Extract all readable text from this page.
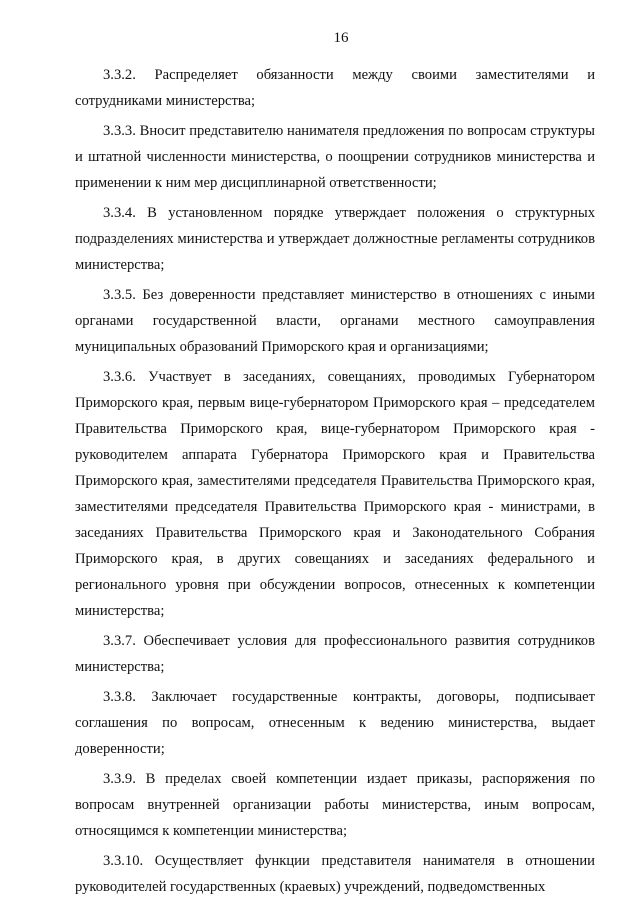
16

3.3.2. Распределяет обязанности между своими заместителями и сотрудниками министерства;

3.3.3. Вносит представителю нанимателя предложения по вопросам структуры и штатной численности министерства, о поощрении сотрудников министерства и применении к ним мер дисциплинарной ответственности;

3.3.4. В установленном порядке утверждает положения о структурных подразделениях министерства и утверждает должностные регламенты сотрудников министерства;

3.3.5. Без доверенности представляет министерство в отношениях с иными органами государственной власти, органами местного самоуправления муниципальных образований Приморского края и организациями;

3.3.6. Участвует в заседаниях, совещаниях, проводимых Губернатором Приморского края, первым вице-губернатором Приморского края – председателем Правительства Приморского края, вице-губернатором Приморского края - руководителем аппарата Губернатора Приморского края и Правительства Приморского края, заместителями председателя Правительства Приморского края, заместителями председателя Правительства Приморского края - министрами, в заседаниях Правительства Приморского края и Законодательного Собрания Приморского края, в других совещаниях и заседаниях федерального и регионального уровня при обсуждении вопросов, отнесенных к компетенции министерства;

3.3.7. Обеспечивает условия для профессионального развития сотрудников министерства;

3.3.8. Заключает государственные контракты, договоры, подписывает соглашения по вопросам, отнесенным к ведению министерства, выдает доверенности;

3.3.9. В пределах своей компетенции издает приказы, распоряжения по вопросам внутренней организации работы министерства, иным вопросам, относящимся к компетенции министерства;

3.3.10. Осуществляет функции представителя нанимателя в отношении руководителей государственных (краевых) учреждений, подведомственных
